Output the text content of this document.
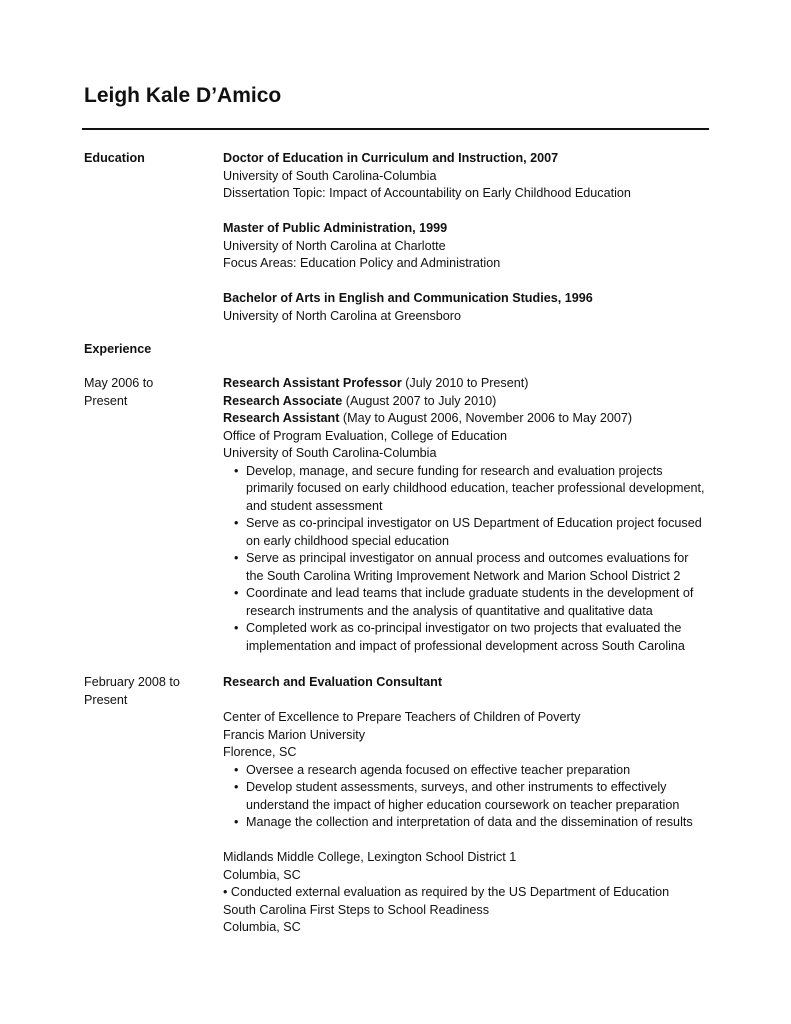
Leigh Kale D’Amico
Education	Doctor of Education in Curriculum and Instruction, 2007
University of South Carolina-Columbia
Dissertation Topic: Impact of Accountability on Early Childhood Education
Master of Public Administration, 1999
University of North Carolina at Charlotte
Focus Areas: Education Policy and Administration
Bachelor of Arts in English and Communication Studies, 1996
University of North Carolina at Greensboro
Experience
May 2006 to
Present
Research Assistant Professor (July 2010 to Present)
Research Associate (August 2007 to July 2010)
Research Assistant (May to August 2006, November 2006 to May 2007)
Office of Program Evaluation, College of Education
University of South Carolina-Columbia
• Develop, manage, and secure funding for research and evaluation projects primarily focused on early childhood education, teacher professional development, and student assessment
• Serve as co-principal investigator on US Department of Education project focused on early childhood special education
• Serve as principal investigator on annual process and outcomes evaluations for the South Carolina Writing Improvement Network and Marion School District 2
• Coordinate and lead teams that include graduate students in the development of research instruments and the analysis of quantitative and qualitative data
• Completed work as co-principal investigator on two projects that evaluated the implementation and impact of professional development across South Carolina
February 2008 to
Present
Research and Evaluation Consultant
Center of Excellence to Prepare Teachers of Children of Poverty
Francis Marion University
Florence, SC
• Oversee a research agenda focused on effective teacher preparation
• Develop student assessments, surveys, and other instruments to effectively understand the impact of higher education coursework on teacher preparation
• Manage the collection and interpretation of data and the dissemination of results
Midlands Middle College, Lexington School District 1
Columbia, SC
• Conducted external evaluation as required by the US Department of Education
South Carolina First Steps to School Readiness
Columbia, SC
